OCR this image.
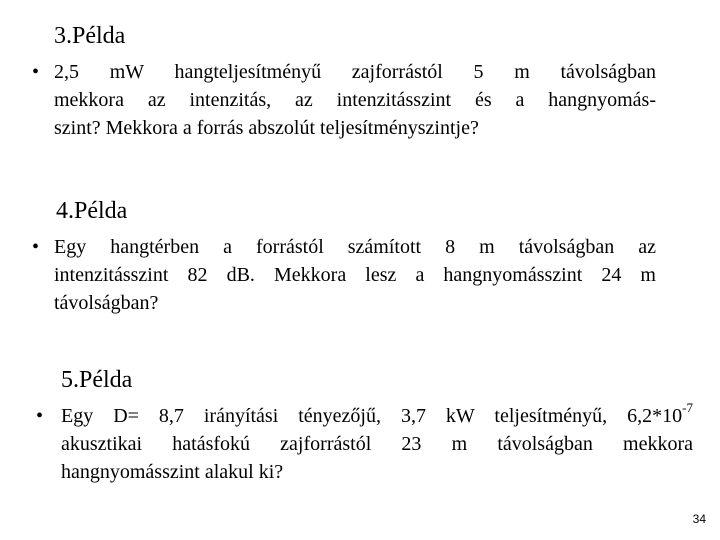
3.Példa
• 2,5 mW hangteljesítményű zajforrástól 5 m távolságban
mekkora az intenzitás, az intenzitásszint és a hangnyomás-
szint? Mekkora a forrás abszolút teljesítményszintje?
4.Példa
• Egy hangtérben a forrástól számított 8 m távolságban az
intenzitásszint 82 dB. Mekkora lesz a hangnyomásszint 24 m
távolságban?
5.Példa
• Egy D= 8,7 irányítási tényezőjű, 3,7 kW teljesítményű, $6,2*10^{-7}$
akusztikai hatásfokú zajforrástól 23 m távolságban mekkora
hangnyomásszint alakul ki?
34
